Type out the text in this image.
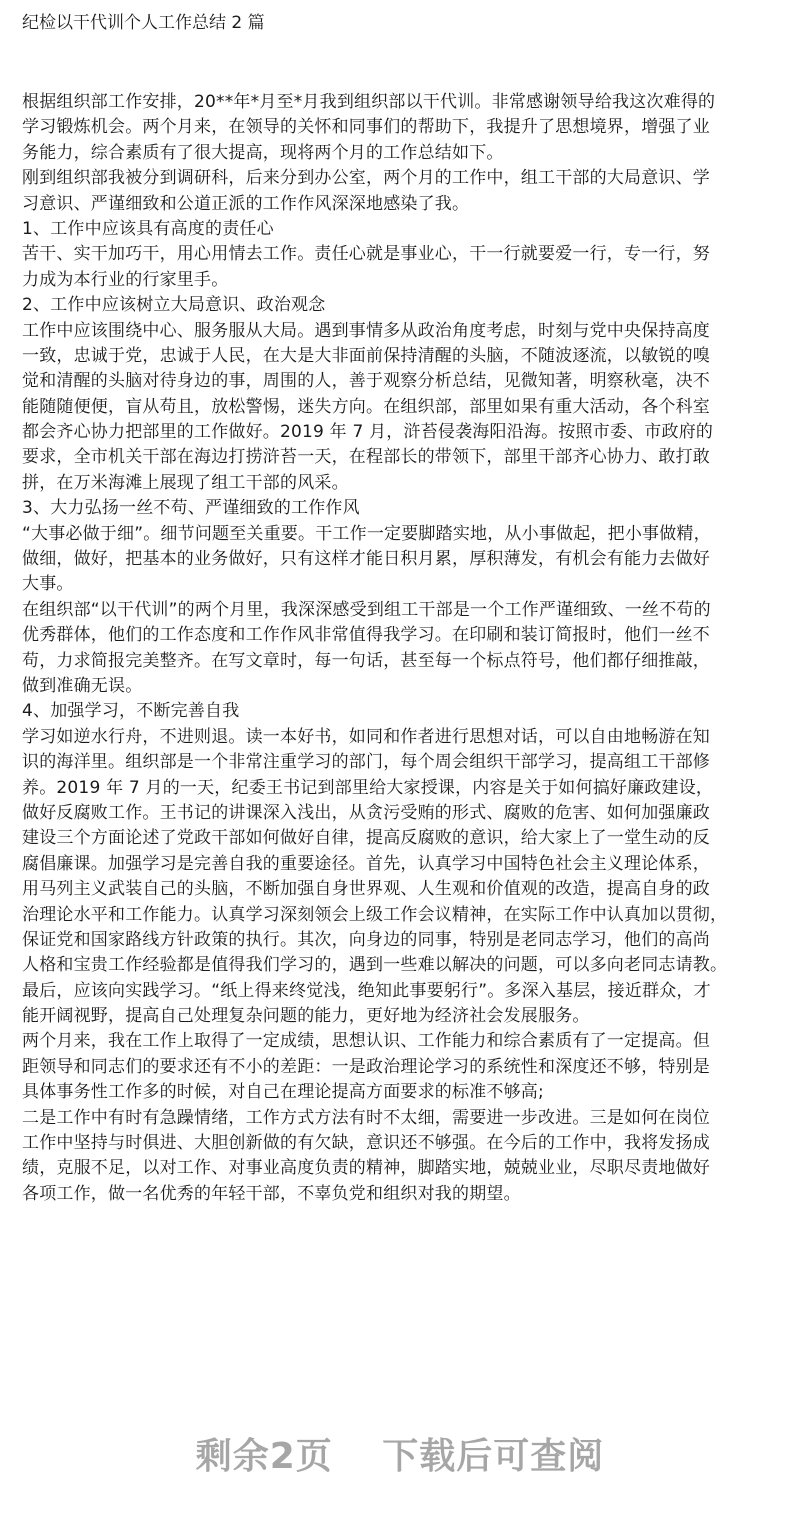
纪检以干代训个人工作总结 2 篇
根据组织部工作安排，20**年*月至*月我到组织部以干代训。非常感谢领导给我这次难得的
学习锻炼机会。两个月来，在领导的关怀和同事们的帮助下，我提升了思想境界，增强了业
务能力，综合素质有了很大提高，现将两个月的工作总结如下。
刚到组织部我被分到调研科，后来分到办公室，两个月的工作中，组工干部的大局意识、学
习意识、严谨细致和公道正派的工作作风深深地感染了我。
1、工作中应该具有高度的责任心
苦干、实干加巧干，用心用情去工作。责任心就是事业心，干一行就要爱一行，专一行，努
力成为本行业的行家里手。
2、工作中应该树立大局意识、政治观念
工作中应该围绕中心、服务服从大局。遇到事情多从政治角度考虑，时刻与党中央保持高度
一致，忠诚于党，忠诚于人民，在大是大非面前保持清醒的头脑，不随波逐流，以敏锐的嗅
觉和清醒的头脑对待身边的事，周围的人，善于观察分析总结，见微知著，明察秋毫，决不
能随随便便，盲从苟且，放松警惕，迷失方向。在组织部，部里如果有重大活动，各个科室
都会齐心协力把部里的工作做好。2019 年 7 月，浒苔侵袭海阳沿海。按照市委、市政府的
要求，全市机关干部在海边打捞浒苔一天，在程部长的带领下，部里干部齐心协力、敢打敢
拼，在万米海滩上展现了组工干部的风采。
3、大力弘扬一丝不苟、严谨细致的工作作风
“大事必做于细”。细节问题至关重要。干工作一定要脚踏实地，从小事做起，把小事做精，
做细，做好，把基本的业务做好，只有这样才能日积月累，厚积薄发，有机会有能力去做好
大事。
在组织部“以干代训”的两个月里，我深深感受到组工干部是一个工作严谨细致、一丝不苟的
优秀群体，他们的工作态度和工作作风非常值得我学习。在印刷和装订简报时，他们一丝不
苟，力求简报完美整齐。在写文章时，每一句话，甚至每一个标点符号，他们都仔细推敲，
做到准确无误。
4、加强学习，不断完善自我
学习如逆水行舟，不进则退。读一本好书，如同和作者进行思想对话，可以自由地畅游在知
识的海洋里。组织部是一个非常注重学习的部门，每个周会组织干部学习，提高组工干部修
养。2019 年 7 月的一天，纪委王书记到部里给大家授课，内容是关于如何搞好廉政建设，
做好反腐败工作。王书记的讲课深入浅出，从贪污受贿的形式、腐败的危害、如何加强廉政
建设三个方面论述了党政干部如何做好自律，提高反腐败的意识，给大家上了一堂生动的反
腐倡廉课。加强学习是完善自我的重要途径。首先，认真学习中国特色社会主义理论体系，
用马列主义武装自己的头脑，不断加强自身世界观、人生观和价值观的改造，提高自身的政
治理论水平和工作能力。认真学习深刻领会上级工作会议精神，在实际工作中认真加以贯彻，
保证党和国家路线方针政策的执行。其次，向身边的同事，特别是老同志学习，他们的高尚
人格和宝贵工作经验都是值得我们学习的，遇到一些难以解决的问题，可以多向老同志请教。
最后，应该向实践学习。“纸上得来终觉浅，绝知此事要躬行”。多深入基层，接近群众，才
能开阔视野，提高自己处理复杂问题的能力，更好地为经济社会发展服务。
两个月来，我在工作上取得了一定成绩，思想认识、工作能力和综合素质有了一定提高。但
距领导和同志们的要求还有不小的差距：一是政治理论学习的系统性和深度还不够，特别是
具体事务性工作多的时候，对自己在理论提高方面要求的标准不够高;
二是工作中有时有急躁情绪，工作方式方法有时不太细，需要进一步改进。三是如何在岗位
工作中坚持与时俱进、大胆创新做的有欠缺，意识还不够强。在今后的工作中，我将发扬成
绩，克服不足，以对工作、对事业高度负责的精神，脚踏实地，兢兢业业，尽职尽责地做好
各项工作，做一名优秀的年轻干部，不辜负党和组织对我的期望。
剩余2页 下载后可查阅
